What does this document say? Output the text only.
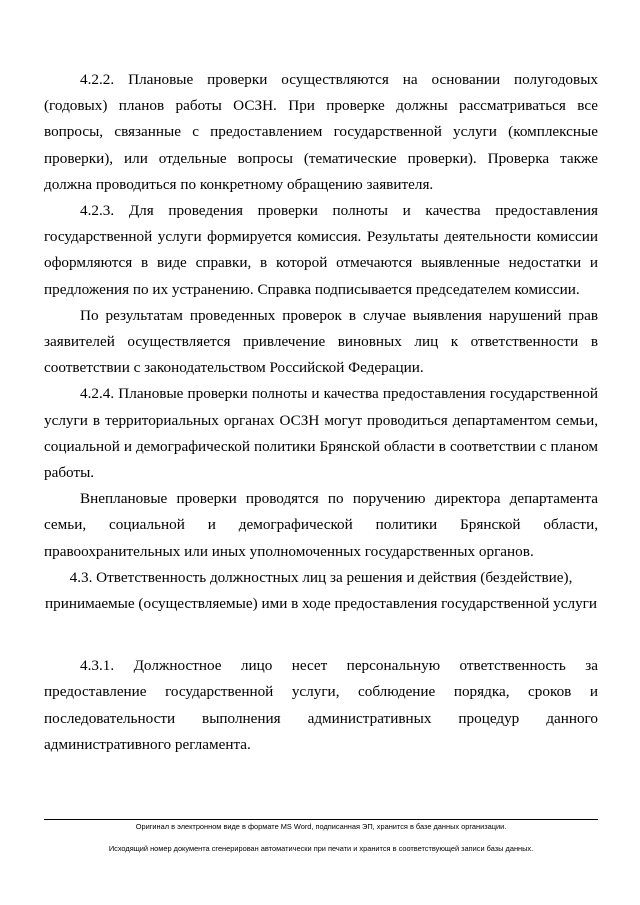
4.2.2. Плановые проверки осуществляются на основании полугодовых (годовых) планов работы ОСЗН. При проверке должны рассматриваться все вопросы, связанные с предоставлением государственной услуги (комплексные проверки), или отдельные вопросы (тематические проверки). Проверка также должна проводиться по конкретному обращению заявителя.

4.2.3. Для проведения проверки полноты и качества предоставления государственной услуги формируется комиссия. Результаты деятельности комиссии оформляются в виде справки, в которой отмечаются выявленные недостатки и предложения по их устранению. Справка подписывается председателем комиссии.

По результатам проведенных проверок в случае выявления нарушений прав заявителей осуществляется привлечение виновных лиц к ответственности в соответствии с законодательством Российской Федерации.

4.2.4. Плановые проверки полноты и качества предоставления государственной услуги в территориальных органах ОСЗН могут проводиться департаментом семьи, социальной и демографической политики Брянской области в соответствии с планом работы.

Внеплановые проверки проводятся по поручению директора департамента семьи, социальной и демографической политики Брянской области, правоохранительных или иных уполномоченных государственных органов.

4.3. Ответственность должностных лиц за решения и действия (бездействие),

принимаемые (осуществляемые) ими в ходе предоставления государственной услуги

4.3.1. Должностное лицо несет персональную ответственность за предоставление государственной услуги, соблюдение порядка, сроков и последовательности выполнения административных процедур данного административного регламента.

Оригинал в электронном виде в формате MS Word, подписанная ЭП, хранится в базе данных организации.
Исходящий номер документа сгенерирован автоматически при печати и хранится в соответствующей записи базы данных.
